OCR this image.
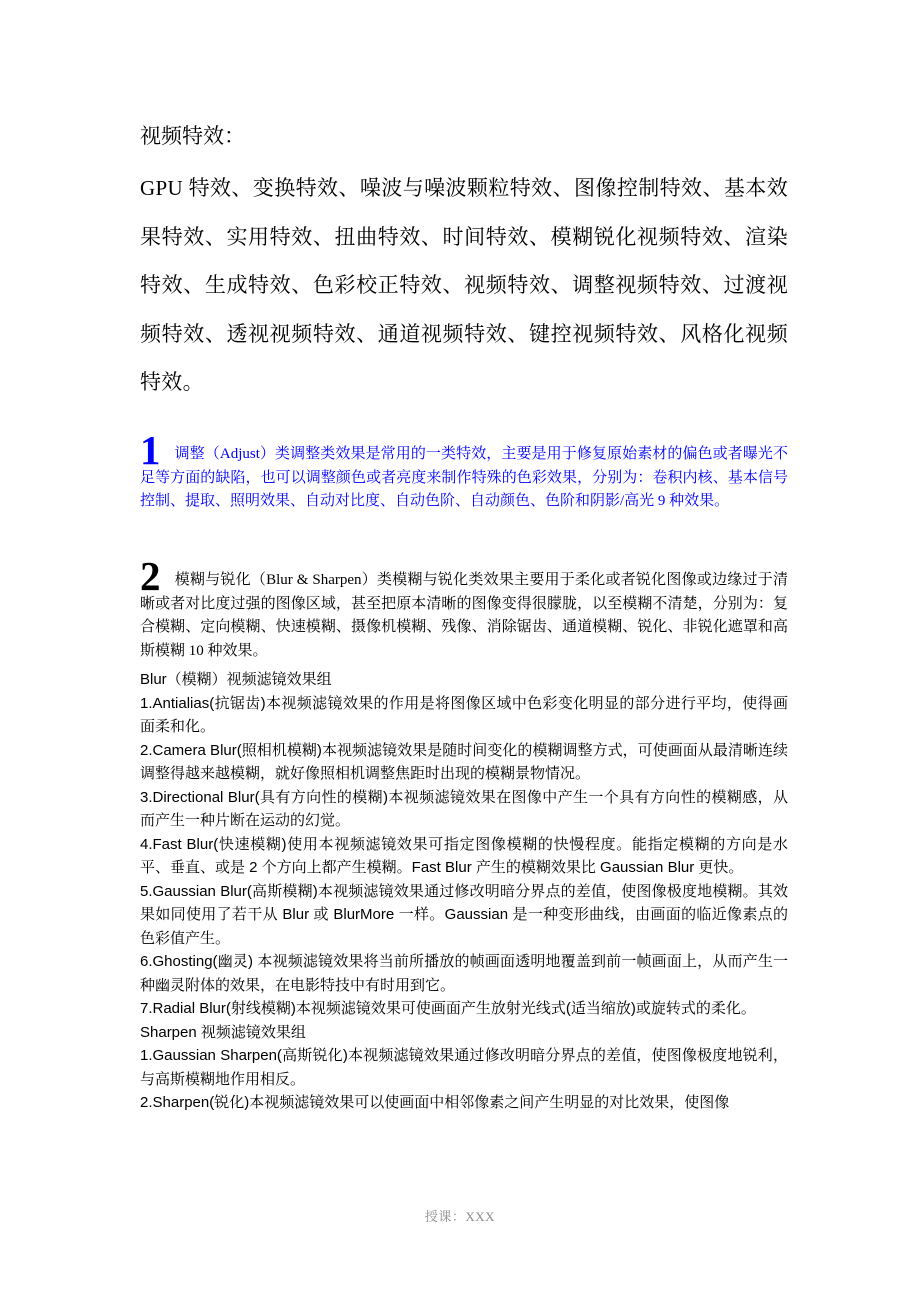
视频特效：

GPU 特效、变换特效、噪波与噪波颗粒特效、图像控制特效、基本效果特效、实用特效、扭曲特效、时间特效、模糊锐化视频特效、渲染特效、生成特效、色彩校正特效、视频特效、调整视频特效、过渡视频特效、透视视频特效、通道视频特效、键控视频特效、风格化视频特效。

1 调整（Adjust）类调整类效果是常用的一类特效，主要是用于修复原始素材的偏色或者曝光不足等方面的缺陷，也可以调整颜色或者亮度来制作特殊的色彩效果，分别为：卷积内核、基本信号控制、提取、照明效果、自动对比度、自动色阶、自动颜色、色阶和阴影/高光 9 种效果。

2 模糊与锐化（Blur & Sharpen）类模糊与锐化类效果主要用于柔化或者锐化图像或边缘过于清晰或者对比度过强的图像区域，甚至把原本清晰的图像变得很朦胧，以至模糊不清楚，分别为：复合模糊、定向模糊、快速模糊、摄像机模糊、残像、消除锯齿、通道模糊、锐化、非锐化遮罩和高斯模糊 10 种效果。

Blur（模糊）视频滤镜效果组

1.Antialias(抗锯齿)本视频滤镜效果的作用是将图像区域中色彩变化明显的部分进行平均，使得画面柔和化。

2.Camera Blur(照相机模糊)本视频滤镜效果是随时间变化的模糊调整方式，可使画面从最清晰连续调整得越来越模糊，就好像照相机调整焦距时出现的模糊景物情况。

3.Directional Blur(具有方向性的模糊)本视频滤镜效果在图像中产生一个具有方向性的模糊感，从而产生一种片断在运动的幻觉。

4.Fast Blur(快速模糊)使用本视频滤镜效果可指定图像模糊的快慢程度。能指定模糊的方向是水平、垂直、或是 2 个方向上都产生模糊。Fast Blur 产生的模糊效果比 Gaussian Blur 更快。

5.Gaussian Blur(高斯模糊)本视频滤镜效果通过修改明暗分界点的差值，使图像极度地模糊。其效果如同使用了若干从 Blur 或 BlurMore 一样。Gaussian 是一种变形曲线，由画面的临近像素点的色彩值产生。

6.Ghosting(幽灵) 本视频滤镜效果将当前所播放的帧画面透明地覆盖到前一帧画面上，从而产生一种幽灵附体的效果，在电影特技中有时用到它。

7.Radial Blur(射线模糊)本视频滤镜效果可使画面产生放射光线式(适当缩放)或旋转式的柔化。

Sharpen 视频滤镜效果组

1.Gaussian Sharpen(高斯锐化)本视频滤镜效果通过修改明暗分界点的差值，使图像极度地锐利，与高斯模糊地作用相反。

2.Sharpen(锐化)本视频滤镜效果可以使画面中相邻像素之间产生明显的对比效果，使图像

授课：XXX
